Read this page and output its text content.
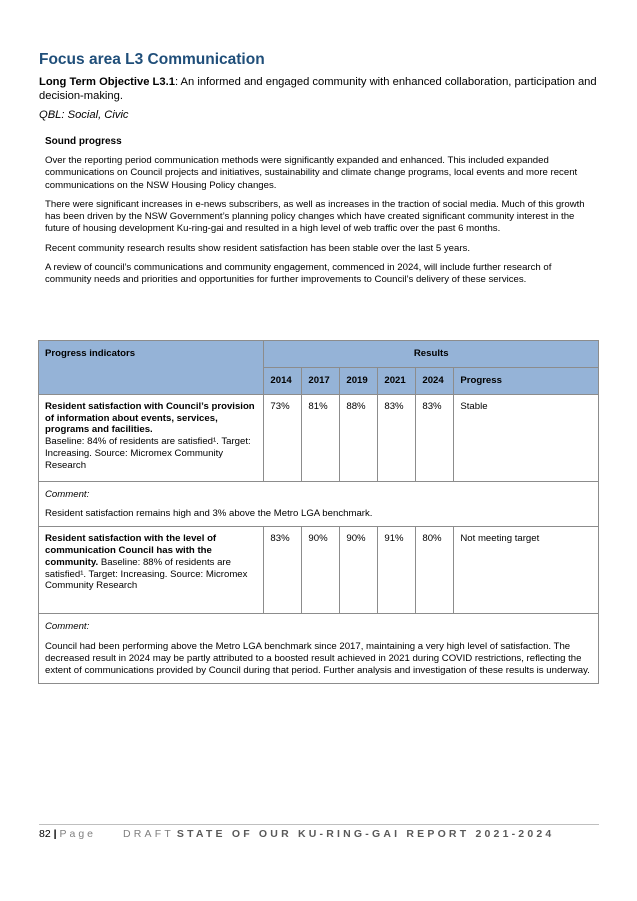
Focus area L3 Communication

Long Term Objective L3.1: An informed and engaged community with enhanced collaboration, participation and decision-making.

QBL: Social, Civic

Sound progress

Over the reporting period communication methods were significantly expanded and enhanced. This included expanded communications on Council projects and initiatives, sustainability and climate change programs, local events and more recent communications on the NSW Housing Policy changes.

There were significant increases in e-news subscribers, as well as increases in the traction of social media. Much of this growth has been driven by the NSW Government’s planning policy changes which have created significant community interest in the future of housing development Ku-ring-gai and resulted in a high level of web traffic over the past 6 months.

Recent community research results show resident satisfaction has been stable over the last 5 years.

A review of council’s communications and community engagement, commenced in 2024, will include further research of community needs and priorities and opportunities for further improvements to Council’s delivery of these services.

Progress indicators	Results					
	2014	2017	2019	2021	2024	Progress
Resident satisfaction with Council’s provision of information about events, services, programs and facilities.
Baseline: 84% of residents are satisfied¹. Target: Increasing. Source: Micromex Community Research	73%	81%	88%	83%	83%	Stable

Comment:
Resident satisfaction remains high and 3% above the Metro LGA benchmark.						

Resident satisfaction with the level of communication Council has with the community. Baseline: 88% of residents are satisfied¹. Target: Increasing. Source: Micromex Community Research	83%	90%	90%	91%	80%	Not meeting target

Comment:
Council had been performing above the Metro LGA benchmark since 2017, maintaining a very high level of satisfaction. The decreased result in 2024 may be partly attributed to a boosted result achieved in 2021 during COVID restrictions, reflecting the extent of communications provided by Council during that period. Further analysis and investigation of these results is underway.						
82 | Page	DRAFT STATE OF OUR KU-RING-GAI REPORT 2021-2024
